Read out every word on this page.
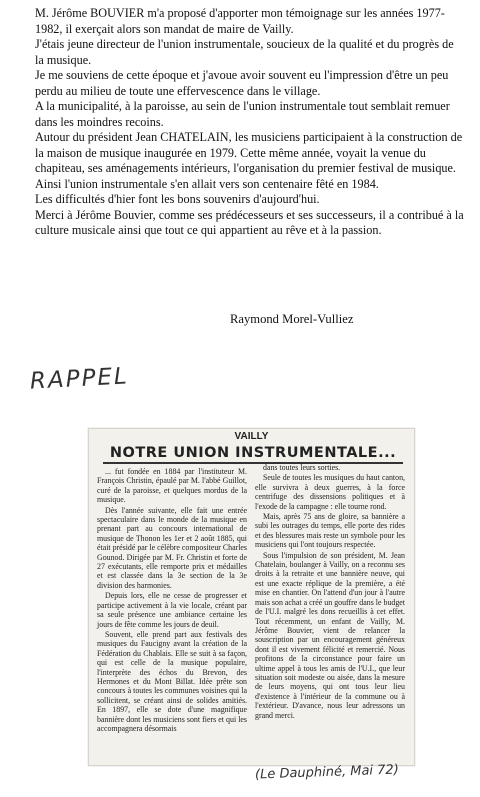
M. Jérôme BOUVIER m'a proposé d'apporter mon témoignage sur les années 1977-1982, il exerçait alors son mandat de maire de Vailly.

J'étais jeune directeur de l'union instrumentale, soucieux de la qualité et du progrès de la musique.

Je me souviens de cette époque et j'avoue avoir souvent eu l'impression d'être un peu perdu au milieu de toute une effervescence dans le village.

A la municipalité, à la paroisse, au sein de l'union instrumentale tout semblait remuer dans les moindres recoins.

Autour du président Jean CHATELAIN, les musiciens participaient à la construction de la maison de musique inaugurée en 1979. Cette même année, voyait la venue du chapiteau, ses aménagements intérieurs, l'organisation du premier festival de musique. Ainsi l'union instrumentale s'en allait vers son centenaire fêté en 1984.

Les difficultés d'hier font les bons souvenirs d'aujourd'hui.

Merci à Jérôme Bouvier, comme ses prédécesseurs et ses successeurs, il a contribué à la culture musicale ainsi que tout ce qui appartient au rêve et à la passion.

Raymond Morel-Vulliez
RAPPEL
VAILLY
NOTRE UNION INSTRUMENTALE...

... fut fondée en 1884 par l'instituteur M. François Christin, épaulé par M. l'abbé Guillot, curé de la paroisse, et quelques mordus de la musique.

Dès l'année suivante, elle fait une entrée spectaculaire dans le monde de la musique en prenant part au concours international de musique de Thonon les 1er et 2 août 1885, qui était présidé par le célèbre compositeur Charles Gounod. Dirigée par M. Fr. Christin et forte de 27 exécutants, elle remporte prix et médailles et est classée dans la 3e section de la 3e division des harmonies.

Depuis lors, elle ne cesse de progresser et participe activement à la vie locale, créant par sa seule présence une ambiance certaine les jours de fête comme les jours de deuil.

Souvent, elle prend part aux festivals des musiques du Faucigny avant la création de la Fédération du Chablais. Elle se suit à sa façon, qui est celle de la musique populaire, l'interprète des échos du Brevon, des Hermones et du Mont Billat. Idée prête son concours à toutes les communes voisines qui la sollicitent, se créant ainsi de solides amitiés. En 1897, elle se dote d'une magnifique bannière dont les musiciens sont fiers et qui les accompagnera désormais

dans toutes leurs sorties.

Seule de toutes les musiques du haut canton, elle survivra à deux guerres, à la force centrifuge des dissensions politiques et à l'exode de la campagne : elle tourne rond.

Mais, après 75 ans de gloire, sa bannière a subi les outrages du temps, elle porte des rides et des blessures mais reste un symbole pour les musiciens qui l'ont toujours respectée.

Sous l'impulsion de son président, M. Jean Chatelain, boulanger à Vailly, on a reconnu ses droits à la retraite et une bannière neuve, qui est une exacte réplique de la première, a été mise en chantier. On l'attend d'un jour à l'autre mais son achat a créé un gouffre dans le budget de l'U.I. malgré les dons recueillis à cet effet. Tout récemment, un enfant de Vailly, M. Jérôme Bouvier, vient de relancer la souscription par un encouragement généreux dont il est vivement félicité et remercié. Nous profitons de la circonstance pour faire un ultime appel à tous les amis de l'U.I., que leur situation soit modeste ou aisée, dans la mesure de leurs moyens, qui ont tous leur lieu d'existence à l'intérieur de la commune ou à l'extérieur. D'avance, nous leur adressons un grand merci.

(Le Dauphiné, Mai 72)
